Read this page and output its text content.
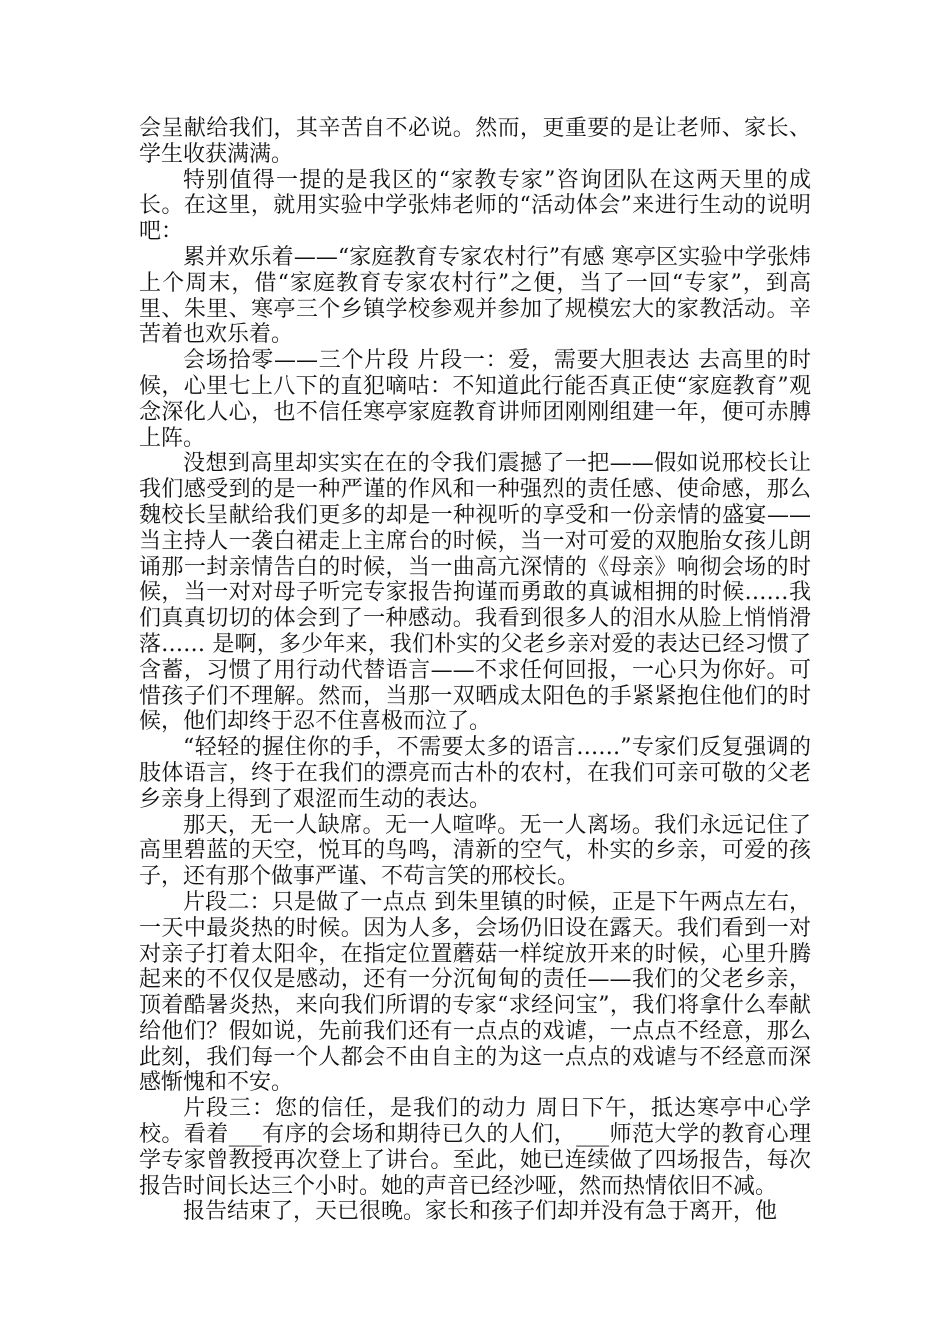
会呈献给我们，其辛苦自不必说。然而，更重要的是让老师、家长、学生收获满满。

特别值得一提的是我区的“家教专家”咨询团队在这两天里的成长。在这里，就用实验中学张炜老师的“活动体会”来进行生动的说明吧：

累并欢乐着——“家庭教育专家农村行”有感 寒亭区实验中学张炜 上个周末，借“家庭教育专家农村行”之便，当了一回“专家”，到高里、朱里、寒亭三个乡镇学校参观并参加了规模宏大的家教活动。辛苦着也欢乐着。

会场拾零——三个片段 片段一：爱，需要大胆表达 去高里的时候，心里七上八下的直犯嘀咕：不知道此行能否真正使“家庭教育”观念深化人心，也不信任寒亭家庭教育讲师团刚刚组建一年，便可赤膊上阵。

没想到高里却实实在在的令我们震撼了一把——假如说邢校长让我们感受到的是一种严谨的作风和一种强烈的责任感、使命感，那么魏校长呈献给我们更多的却是一种视听的享受和一份亲情的盛宴——当主持人一袭白裙走上主席台的时候，当一对可爱的双胞胎女孩儿朗诵那一封亲情告白的时候，当一曲高亢深情的《母亲》响彻会场的时候，当一对对母子听完专家报告拘谨而勇敢的真诚相拥的时候……我们真真切切的体会到了一种感动。我看到很多人的泪水从脸上悄悄滑落…… 是啊，多少年来，我们朴实的父老乡亲对爱的表达已经习惯了含蓄，习惯了用行动代替语言——不求任何回报，一心只为你好。可惜孩子们不理解。然而，当那一双晒成太阳色的手紧紧抱住他们的时候，他们却终于忍不住喜极而泣了。

“轻轻的握住你的手，不需要太多的语言……”专家们反复强调的肢体语言，终于在我们的漂亮而古朴的农村，在我们可亲可敬的父老乡亲身上得到了艰涩而生动的表达。

那天，无一人缺席。无一人喧哗。无一人离场。我们永远记住了高里碧蓝的天空，悦耳的鸟鸣，清新的空气，朴实的乡亲，可爱的孩子，还有那个做事严谨、不苟言笑的邢校长。

片段二：只是做了一点点 到朱里镇的时候，正是下午两点左右，一天中最炎热的时候。因为人多，会场仍旧设在露天。我们看到一对对亲子打着太阳伞，在指定位置蘑菇一样绽放开来的时候，心里升腾起来的不仅仅是感动，还有一分沉甸甸的责任——我们的父老乡亲，顶着酷暑炎热，来向我们所谓的专家“求经问宝”，我们将拿什么奉献给他们？假如说，先前我们还有一点点的戏谑，一点点不经意，那么此刻，我们每一个人都会不由自主的为这一点点的戏谑与不经意而深感惭愧和不安。

片段三：您的信任，是我们的动力 周日下午，抵达寒亭中心学校。看着___有序的会场和期待已久的人们，___师范大学的教育心理学专家曾教授再次登上了讲台。至此，她已连续做了四场报告，每次报告时间长达三个小时。她的声音已经沙哑，然而热情依旧不减。

报告结束了，天已很晚。家长和孩子们却并没有急于离开，他
